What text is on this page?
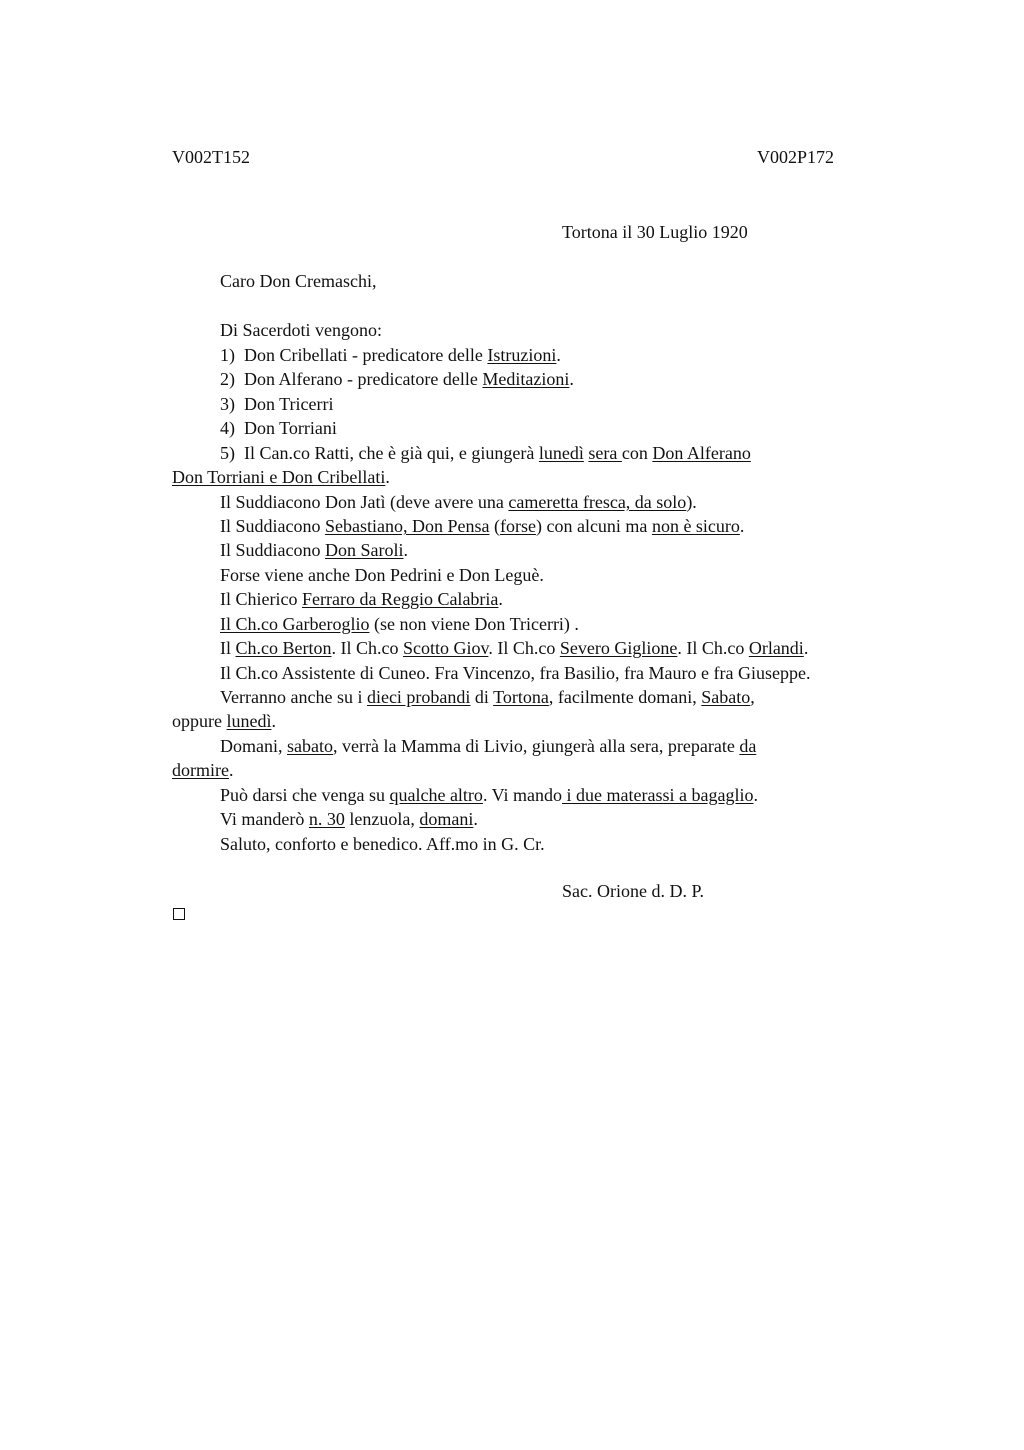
V002T152	V002P172
Tortona il 30 Luglio 1920
Caro Don Cremaschi,
Di Sacerdoti vengono:
1) Don Cribellati - predicatore delle Istruzioni.
2) Don Alferano - predicatore delle Meditazioni.
3) Don Tricerri
4) Don Torriani
5) Il Can.co Ratti, che è già qui, e giungerà lunedì sera con Don Alferano
Don Torriani e Don Cribellati.
Il Suddiacono Don Jatì (deve avere una cameretta fresca, da solo).
Il Suddiacono Sebastiano, Don Pensa (forse) con alcuni ma non è sicuro.
Il Suddiacono Don Saroli.
Forse viene anche Don Pedrini e Don Leguè.
Il Chierico Ferraro da Reggio Calabria.
Il Ch.co Garberoglio (se non viene Don Tricerri) .
Il Ch.co Berton. Il Ch.co Scotto Giov. Il Ch.co Severo Giglione. Il Ch.co Orlandi.
Il Ch.co Assistente di Cuneo. Fra Vincenzo, fra Basilio, fra Mauro e fra Giuseppe.
Verranno anche su i dieci probandi di Tortona, facilmente domani, Sabato,
oppure lunedì.
Domani, sabato, verrà la Mamma di Livio, giungerà alla sera, preparate da
dormire.
Può darsi che venga su qualche altro. Vi mando i due materassi a bagaglio.
Vi manderò n. 30 lenzuola, domani.
Saluto, conforto e benedico. Aff.mo in G. Cr.
Sac. Orione d. D. P.
